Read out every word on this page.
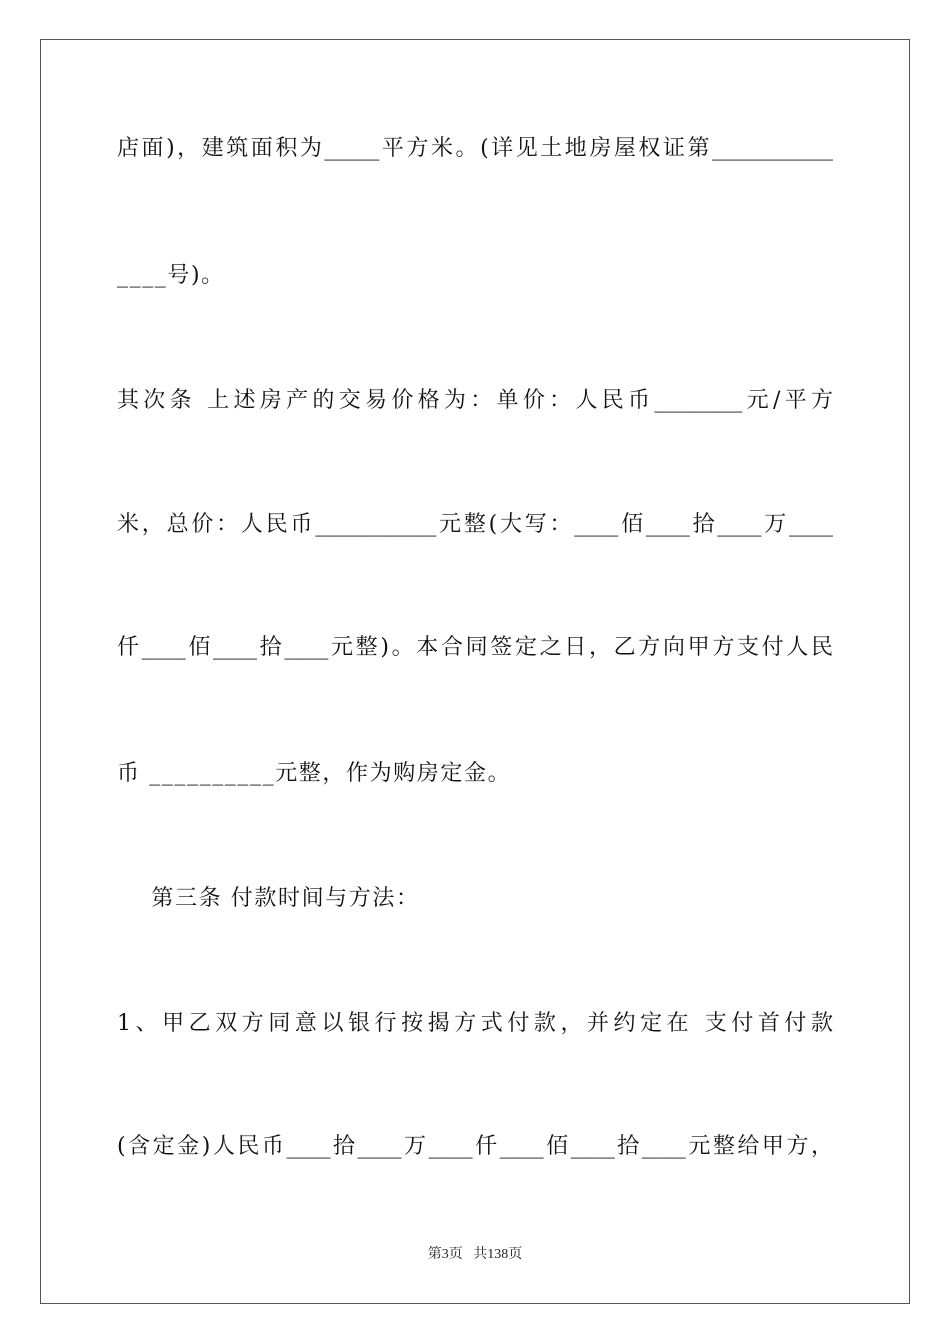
店面)，建筑面积为_____平方米。(详见土地房屋权证第___________
____号)。
其次条 上述房产的交易价格为：单价：人民币________元/平方
米，总价：人民币___________元整(大写：____佰____拾____万____
仟____佰____拾____元整)。本合同签定之日，乙方向甲方支付人民
币 __________元整，作为购房定金。
第三条 付款时间与方法：
1、甲乙双方同意以银行按揭方式付款，并约定在 支付首付款
(含定金)人民币____拾____万____仟____佰____拾____元整给甲方，
第3页   共138页
